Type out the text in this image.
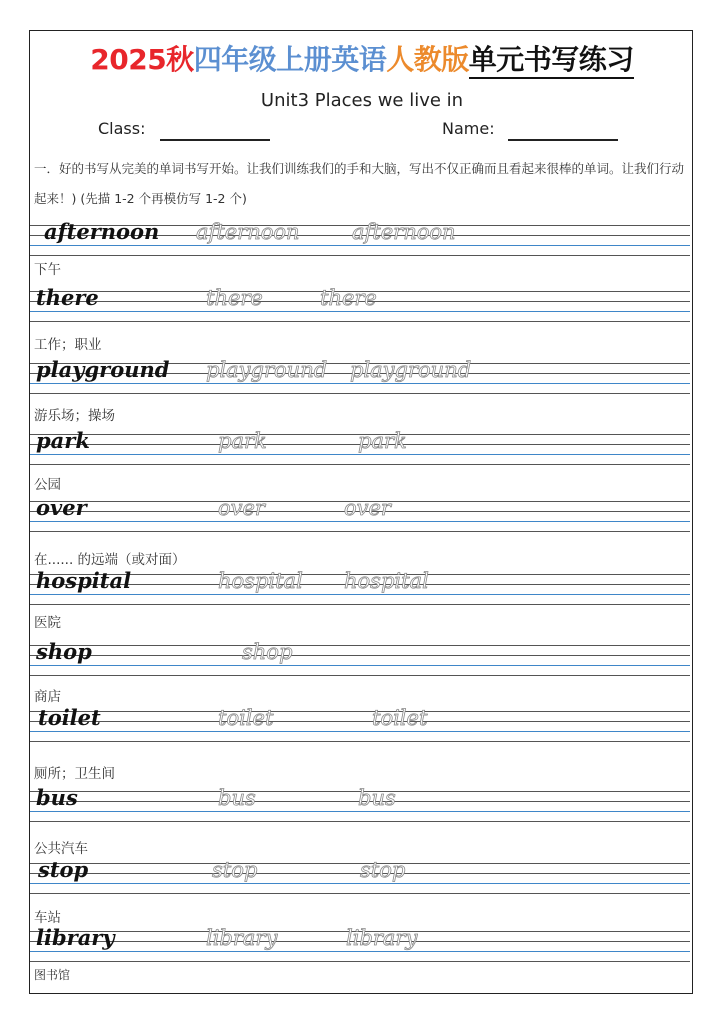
2025秋四年级上册英语人教版单元书写练习
Unit3 Places we live in
Class:	Name:
一．好的书写从完美的单词书写开始。让我们训练我们的手和大脑，写出不仅正确而且看起来很棒的单词。让我们行动起来！) (先描 1-2 个再模仿写 1-2 个)
afternoon afternoon afternoon
下午
there	there	there
工作；职业
playground playground playground
游乐场；操场
park	park	park
公园
over	over	over
在...... 的远端（或对面）
hospital	hospital hospital
医院
shop	shop
商店
toilet	toilet	toilet
厕所；卫生间
bus	bus	bus
公共汽车
stop	stop	stop
车站
library	library	library
图书馆
